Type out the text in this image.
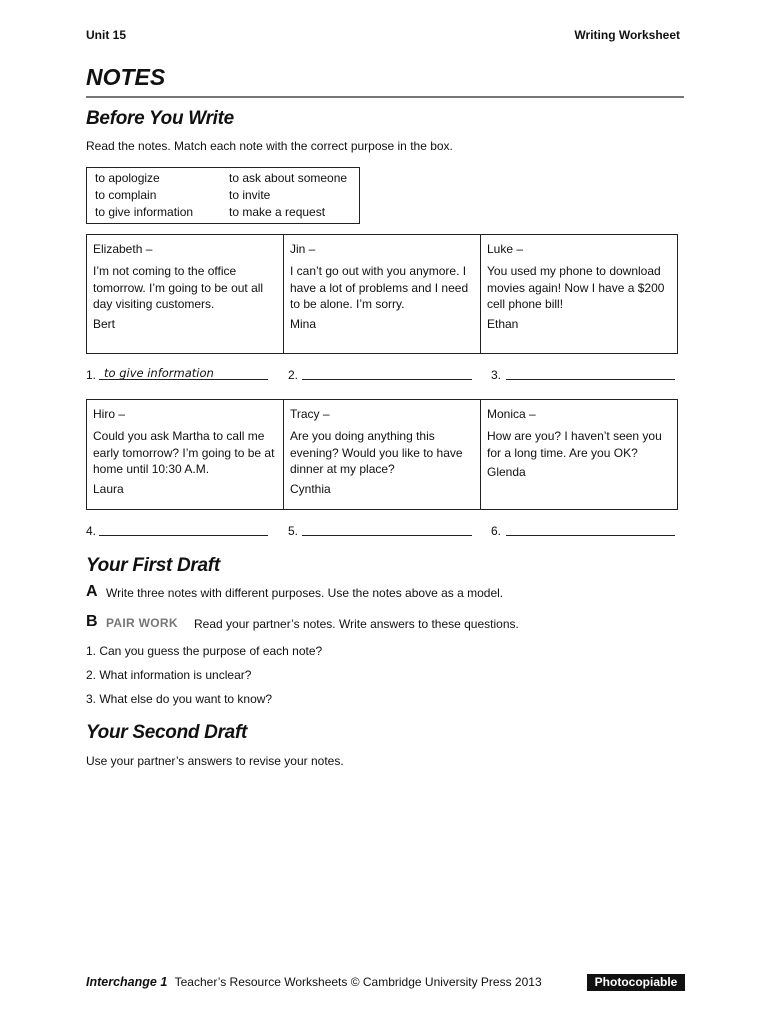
Unit 15	Writing Worksheet
NOTES
Before You Write
Read the notes. Match each note with the correct purpose in the box.
to apologize	to ask about someone
to complain	to invite
to give information	to make a request
Elizabeth –
I’m not coming to the office tomorrow. I’m going to be out all day visiting customers.
Bert
Jin –
I can’t go out with you anymore. I have a lot of problems and I need to be alone. I’m sorry.
Mina
Luke –
You used my phone to download movies again! Now I have a $200 cell phone bill!
Ethan
1. to give information	2.	3.
Hiro –
Could you ask Martha to call me early tomorrow? I’m going to be at home until 10:30 A.M.
Laura
Tracy –
Are you doing anything this evening? Would you like to have dinner at my place?
Cynthia
Monica –
How are you? I haven’t seen you for a long time. Are you OK?
Glenda
4.	5.	6.
Your First Draft
A Write three notes with different purposes. Use the notes above as a model.
B PAIR WORK Read your partner’s notes. Write answers to these questions.
1. Can you guess the purpose of each note?
2. What information is unclear?
3. What else do you want to know?
Your Second Draft
Use your partner’s answers to revise your notes.
Interchange 1 Teacher’s Resource Worksheets © Cambridge University Press 2013	Photocopiable
